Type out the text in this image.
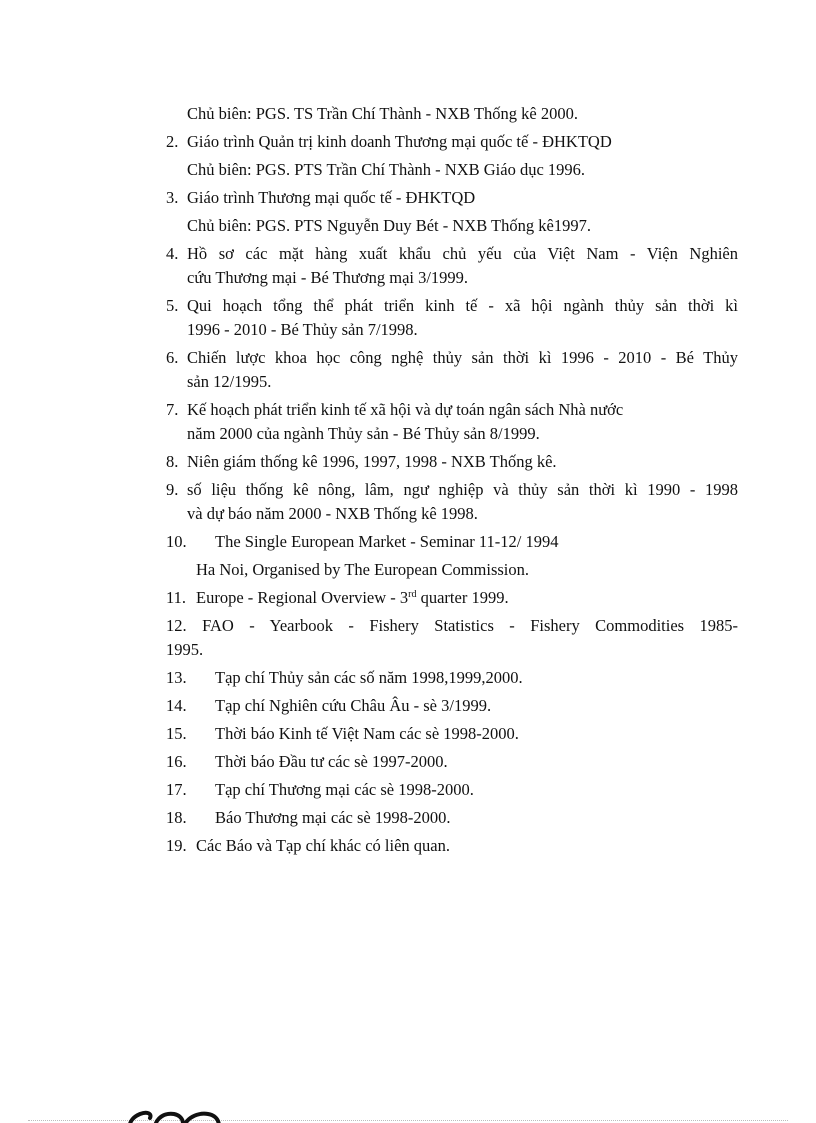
Chủ biên: PGS. TS Trần Chí Thành - NXB Thống kê 2000.
2. Giáo trình Quản trị kinh doanh Thương mại quốc tế - ĐHKTQD
Chủ biên: PGS. PTS Trần Chí Thành - NXB Giáo dục 1996.
3. Giáo trình Thương mại quốc tế - ĐHKTQD
Chủ biên: PGS. PTS Nguyễn Duy Bét - NXB Thống kê1997.
4. Hồ sơ các mặt hàng xuất khẩu chủ yếu của Việt Nam - Viện Nghiên
cứu Thương mại - Bé Thương mại 3/1999.
5. Qui hoạch tổng thể phát triển kinh tế - xã hội ngành thủy sản thời kì
1996 - 2010 - Bé Thủy sản 7/1998.
6. Chiến lược khoa học công nghệ thủy sản thời kì 1996 - 2010 - Bé Thủy
sản 12/1995.
7. Kế hoạch phát triển kinh tế xã hội và dự toán ngân sách Nhà nước
năm 2000 của ngành Thủy sản - Bé Thủy sản 8/1999.
8. Niên giám thống kê 1996, 1997, 1998 - NXB Thống kê.
9. số liệu thống kê nông, lâm, ngư nghiệp và thủy sản thời kì 1990 - 1998
và dự báo năm 2000 - NXB Thống kê 1998.
10. The Single European Market - Seminar 11-12/ 1994
Ha Noi, Organised by The European Commission.
11. Europe - Regional Overview - 3rd quarter 1999.
12. FAO - Yearbook - Fishery Statistics - Fishery Commodities 1985-
1995.
13. Tạp chí Thủy sản các số năm 1998,1999,2000.
14. Tạp chí Nghiên cứu Châu Âu - sè 3/1999.
15. Thời báo Kinh tế Việt Nam các sè 1998-2000.
16. Thời báo Đầu tư các sè 1997-2000.
17. Tạp chí Thương mại các sè 1998-2000.
18. Báo Thương mại các sè 1998-2000.
19. Các Báo và Tạp chí khác có liên quan.
